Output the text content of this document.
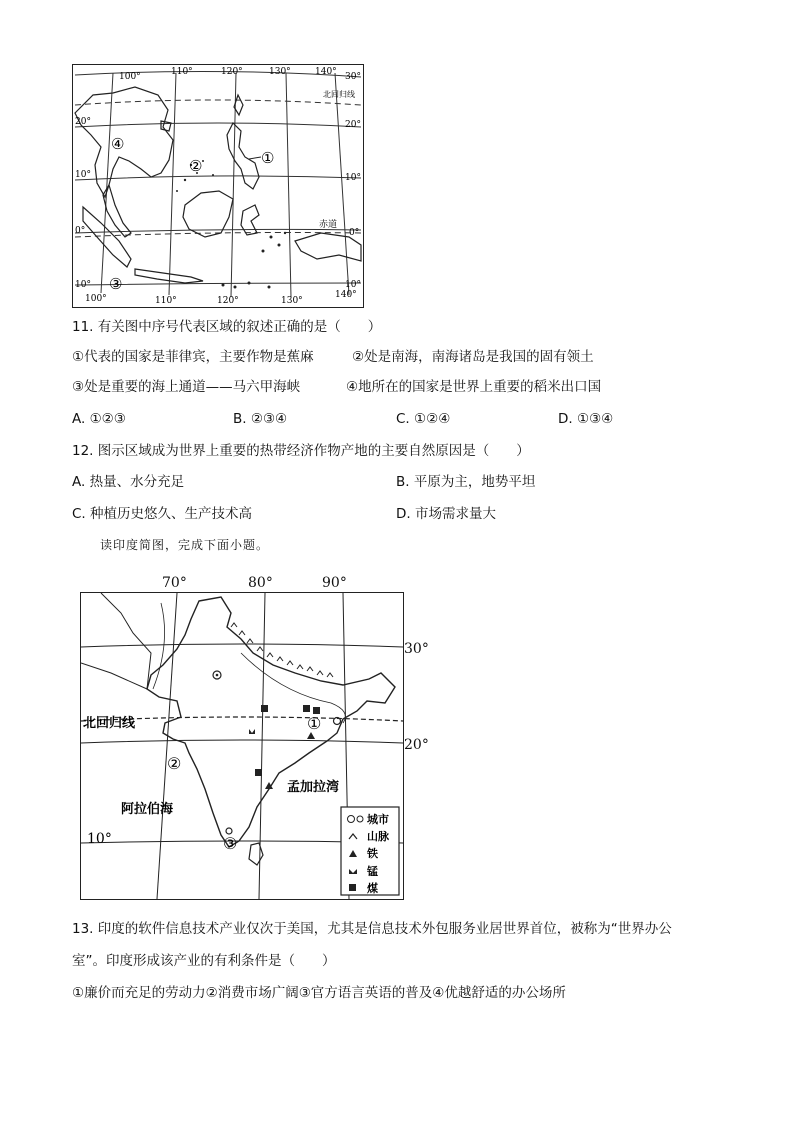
110°	120°	130°	140°
100°
100°	110°	120°	130°
140°
30°
20°
10°
0°
10°
20°
10°
0°
10°
北回归线
赤道
①
②
③
④
11. 有关图中序号代表区域的叙述正确的是（　　）
①代表的国家是菲律宾，主要作物是蕉麻	②处是南海，南海诸岛是我国的固有领土
③处是重要的海上通道——马六甲海峡	④地所在的国家是世界上重要的稻米出口国
A. ①②③	B. ②③④	C. ①②④	D. ①③④
12. 图示区域成为世界上重要的热带经济作物产地的主要自然原因是（　　）
A. 热量、水分充足	B. 平原为主，地势平坦
C. 种植历史悠久、生产技术高	D. 市场需求量大
读印度简图，完成下面小题。
70°	80°	90°
北回归线
阿拉伯海
孟加拉湾
10°
①
②
③
城市
山脉
铁
锰
煤
30°
20°
13. 印度的软件信息技术产业仅次于美国，尤其是信息技术外包服务业居世界首位，被称为“世界办公
室”。印度形成该产业的有利条件是（　　）
①廉价而充足的劳动力②消费市场广阔③官方语言英语的普及④优越舒适的办公场所
